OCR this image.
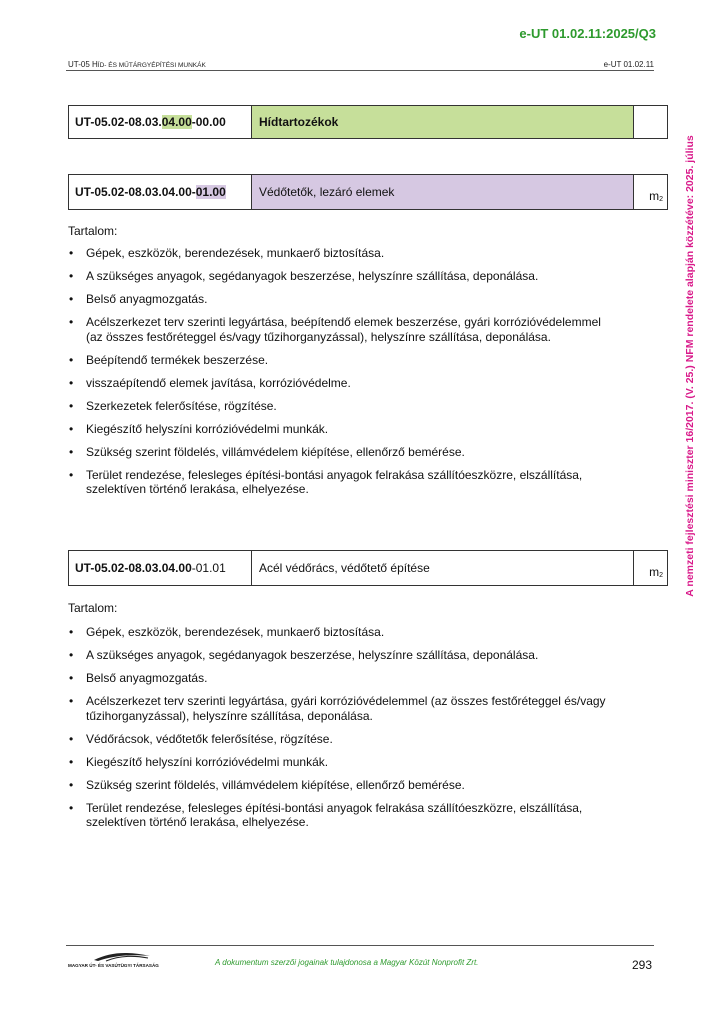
e-UT 01.02.11:2025/Q3
UT-05 HÍD- ÉS MŰTÁRGYÉPÍTÉSI MUNKÁK	e-UT 01.02.11
A nemzeti fejlesztési miniszter 16/2017. (V. 25.) NFM rendelete alapján közzétéve: 2025. július
UT-05.02-08.03. 04.00 -00.00	Hídtartozékok
UT-05.02-08.03.04.00- 01.00	Védőtetők, lezáró elemek	$m_2$
Tartalom:
• Gépek, eszközök, berendezések, munkaerő biztosítása.
• A szükséges anyagok, segédanyagok beszerzése, helyszínre szállítása, deponálása.
• Belső anyagmozgatás.
• Acélszerkezet terv szerinti legyártása, beépítendő elemek beszerzése, gyári korrózióvédelemmel (az összes festőréteggel és/vagy tűzihorganyzással), helyszínre szállítása, deponálása.
• Beépítendő termékek beszerzése.
• visszaépítendő elemek javítása, korrózióvédelme.
• Szerkezetek felerősítése, rögzítése.
• Kiegészítő helyszíni korrózióvédelmi munkák.
• Szükség szerint földelés, villámvédelem kiépítése, ellenőrző bemérése.
• Terület rendezése, felesleges építési-bontási anyagok felrakása szállítóeszközre, elszállítása, szelektíven történő lerakása, elhelyezése.
UT-05.02-08.03.04.00 -01.01	Acél védőrács, védőtető építése	$m_2$
Tartalom:
• Gépek, eszközök, berendezések, munkaerő biztosítása.
• A szükséges anyagok, segédanyagok beszerzése, helyszínre szállítása, deponálása.
• Belső anyagmozgatás.
• Acélszerkezet terv szerinti legyártása, gyári korrózióvédelemmel (az összes festőréteggel és/vagy tűzihorganyzással), helyszínre szállítása, deponálása.
• Védőrácsok, védőtetők felerősítése, rögzítése.
• Kiegészítő helyszíni korrózióvédelmi munkák.
• Szükség szerint földelés, villámvédelem kiépítése, ellenőrző bemérése.
• Terület rendezése, felesleges építési-bontási anyagok felrakása szállítóeszközre, elszállítása, szelektíven történő lerakása, elhelyezése.
MAGYAR ÚT- ÉS VASÚTÜGYI TÁRSASÁG	A dokumentum szerzői jogainak tulajdonosa a Magyar Közút Nonprofit Zrt.	293
